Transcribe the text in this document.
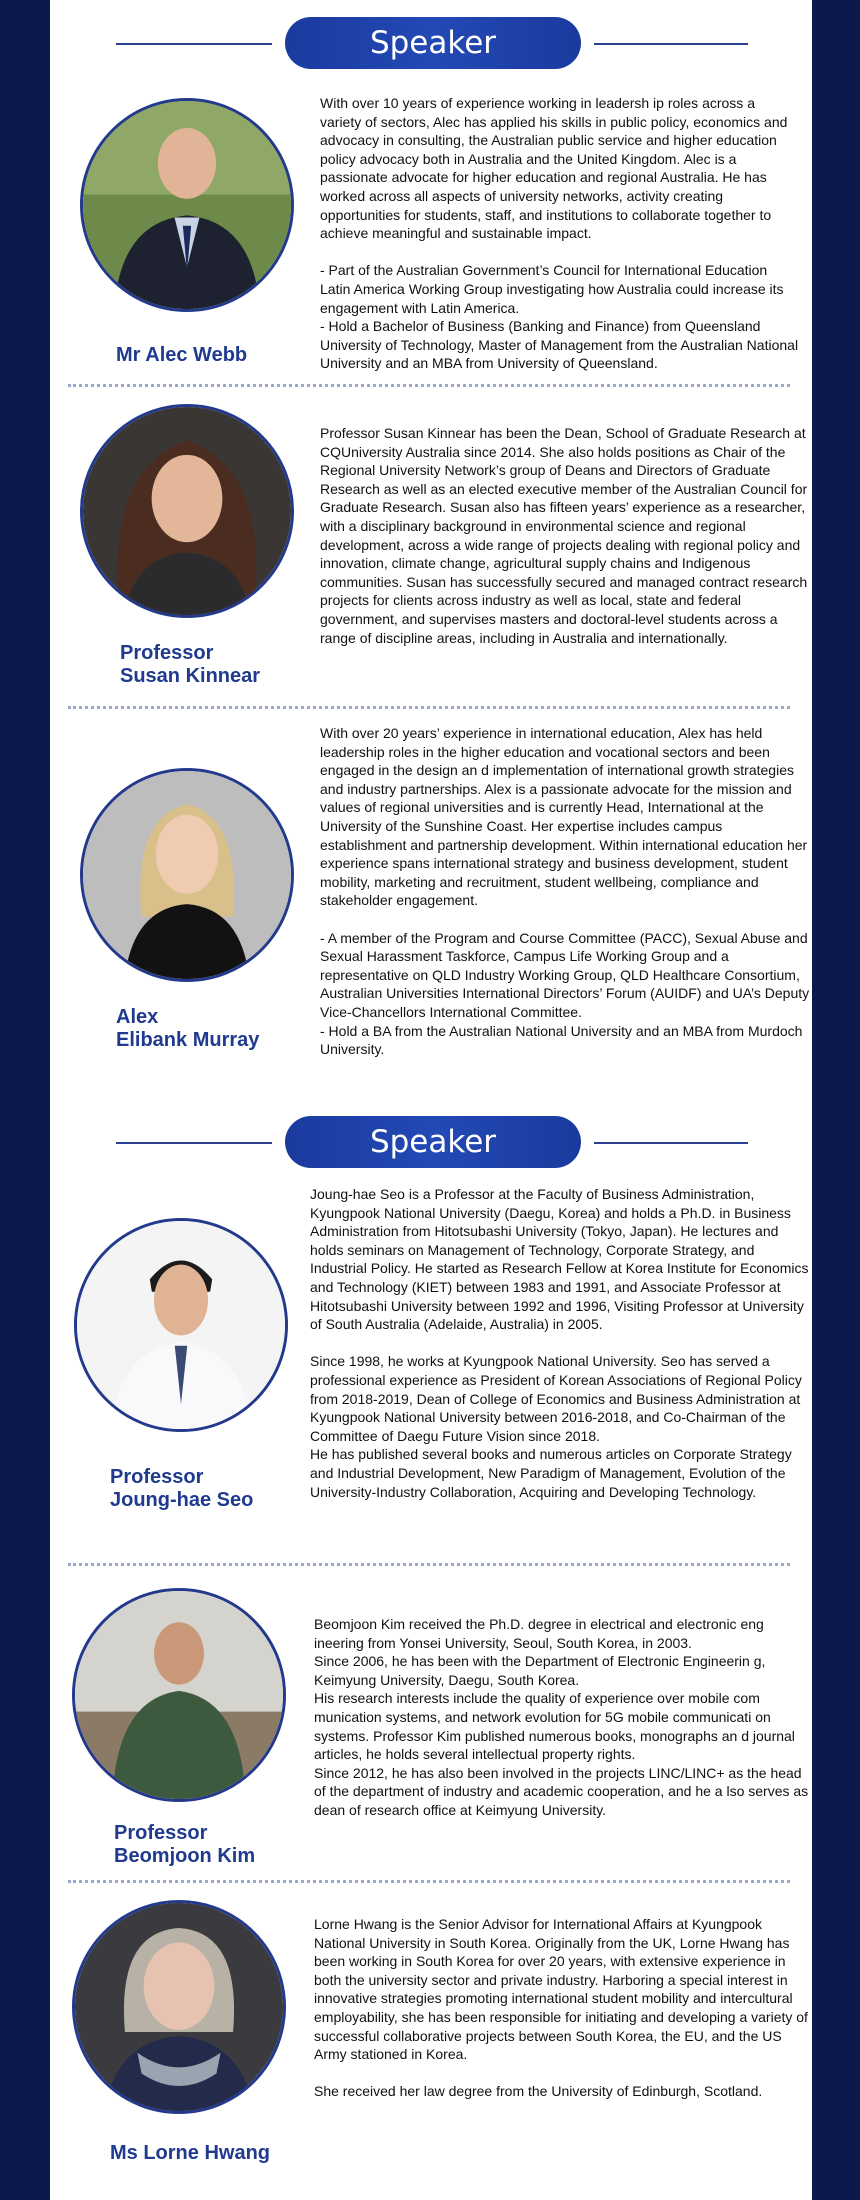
Speaker
Mr Alec Webb

With over 10 years of experience working in leadersh ip roles across a variety of sectors, Alec has applied his skills in public policy, economics and advocacy in consulting, the Australian public service and higher education policy advocacy both in Australia and the United Kingdom. Alec is a passionate advocate for higher education and regional Australia. He has worked across all aspects of university networks, activity creating opportunities for students, staff, and institutions to collaborate together to achieve meaningful and sustainable impact.

- Part of the Australian Government’s Council for International Education Latin America Working Group investigating how Australia could increase its engagement with Latin America.
- Hold a Bachelor of Business (Banking and Finance) from Queensland University of Technology, Master of Management from the Australian National University and an MBA from University of Queensland.

Professor
Susan Kinnear

Professor Susan Kinnear has been the Dean, School of Graduate Research at CQUniversity Australia since 2014. She also holds positions as Chair of the Regional University Network’s group of Deans and Directors of Graduate Research as well as an elected executive member of the Australian Council for Graduate Research. Susan also has fifteen years’ experience as a researcher, with a disciplinary background in environmental science and regional development, across a wide range of projects dealing with regional policy and innovation, climate change, agricultural supply chains and Indigenous communities. Susan has successfully secured and managed contract research projects for clients across industry as well as local, state and federal government, and supervises masters and doctoral-level students across a range of discipline areas, including in Australia and internationally.

Alex
Elibank Murray

With over 20 years’ experience in international education, Alex has held leadership roles in the higher education and vocational sectors and been engaged in the design an d implementation of international growth strategies and industry partnerships. Alex is a passionate advocate for the mission and values of regional universities and is currently Head, International at the University of the Sunshine Coast. Her expertise includes campus establishment and partnership development. Within international education her experience spans international strategy and business development, student mobility, marketing and recruitment, student wellbeing, compliance and stakeholder engagement.

- A member of the Program and Course Committee (PACC), Sexual Abuse and Sexual Harassment Taskforce, Campus Life Working Group and a representative on QLD Industry Working Group, QLD Healthcare Consortium, Australian Universities International Directors’ Forum (AUIDF) and UA’s Deputy Vice-Chancellors International Committee.
- Hold a BA from the Australian National University and an MBA from Murdoch University.

Speaker
Professor
Joung-hae Seo

Joung-hae Seo is a Professor at the Faculty of Business Administration, Kyungpook National University (Daegu, Korea) and holds a Ph.D. in Business Administration from Hitotsubashi University (Tokyo, Japan). He lectures and holds seminars on Management of Technology, Corporate Strategy, and Industrial Policy. He started as Research Fellow at Korea Institute for Economics and Technology (KIET) between 1983 and 1991, and Associate Professor at Hitotsubashi University between 1992 and 1996, Visiting Professor at University of South Australia (Adelaide, Australia) in 2005.

Since 1998, he works at Kyungpook National University. Seo has served a professional experience as President of Korean Associations of Regional Policy from 2018-2019, Dean of College of Economics and Business Administration at Kyungpook National University between 2016-2018, and Co-Chairman of the Committee of Daegu Future Vision since 2018.
He has published several books and numerous articles on Corporate Strategy and Industrial Development, New Paradigm of Management, Evolution of the University-Industry Collaboration, Acquiring and Developing Technology.

Professor
Beomjoon Kim

Beomjoon Kim received the Ph.D. degree in electrical and electronic eng ineering from Yonsei University, Seoul, South Korea, in 2003.
Since 2006, he has been with the Department of Electronic Engineerin g, Keimyung University, Daegu, South Korea.
His research interests include the quality of experience over mobile com munication systems, and network evolution for 5G mobile communicati on systems. Professor Kim published numerous books, monographs an d journal articles, he holds several intellectual property rights.
Since 2012, he has also been involved in the projects LINC/LINC+ as the head of the department of industry and academic cooperation, and he a lso serves as dean of research office at Keimyung University.

Ms Lorne Hwang

Lorne Hwang is the Senior Advisor for International Affairs at Kyungpook National University in South Korea. Originally from the UK, Lorne Hwang has been working in South Korea for over 20 years, with extensive experience in both the university sector and private industry. Harboring a special interest in innovative strategies promoting international student mobility and intercultural employability, she has been responsible for initiating and developing a variety of successful collaborative projects between South Korea, the EU, and the US Army stationed in Korea.

She received her law degree from the University of Edinburgh, Scotland.
